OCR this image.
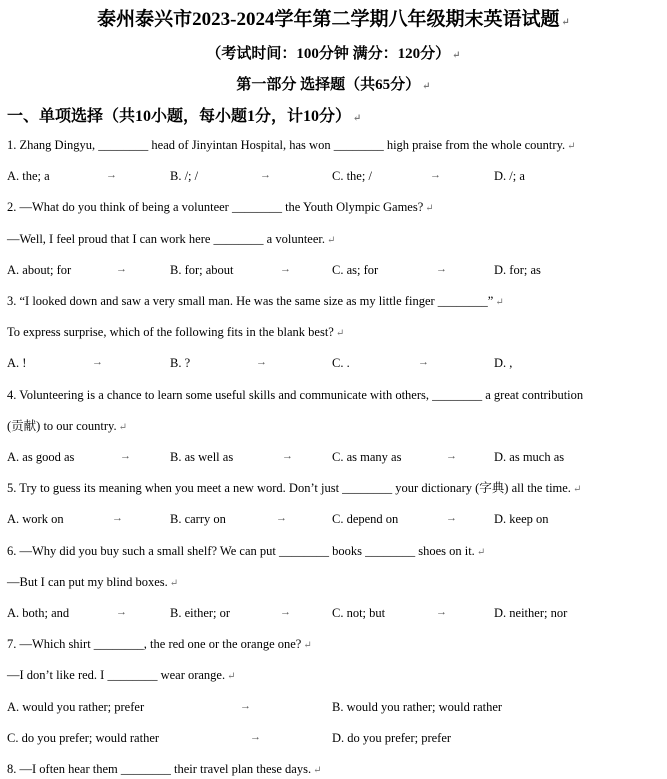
泰州泰兴市2023-2024学年第二学期八年级期末英语试题 ↵
（考试时间：100分钟 满分：120分） ↵
第一部分 选择题（共65分） ↵
一、单项选择（共10小题，每小题1分，计10分） ↵
1. Zhang Dingyu, ________ head of Jinyintan Hospital, has won ________ high praise from the whole country. ↵
A. the; a	→	B. /; /	→	C. the; /	→	D. /; a
2. —What do you think of being a volunteer ________ the Youth Olympic Games? ↵
—Well, I feel proud that I can work here ________ a volunteer. ↵
A. about; for	→	B. for; about	→	C. as; for	→	D. for; as
3. “I looked down and saw a very small man. He was the same size as my little finger ________” ↵
To express surprise, which of the following fits in the blank best? ↵
A. !	→	B. ?	→	C. .	→	D. ,
4. Volunteering is a chance to learn some useful skills and communicate with others, ________ a great contribution
(贡献) to our country. ↵
A. as good as	→	B. as well as	→	C. as many as	→	D. as much as
5. Try to guess its meaning when you meet a new word. Don’t just ________ your dictionary (字典) all the time. ↵
A. work on	→	B. carry on	→	C. depend on	→	D. keep on
6. —Why did you buy such a small shelf? We can put ________ books ________ shoes on it. ↵
—But I can put my blind boxes. ↵
A. both; and	→	B. either; or	→	C. not; but	→	D. neither; nor
7. —Which shirt ________, the red one or the orange one? ↵
—I don’t like red. I ________ wear orange. ↵
A. would you rather; prefer	→	B. would you rather; would rather
C. do you prefer; would rather	→	D. do you prefer; prefer
8. —I often hear them ________ their travel plan these days. ↵
